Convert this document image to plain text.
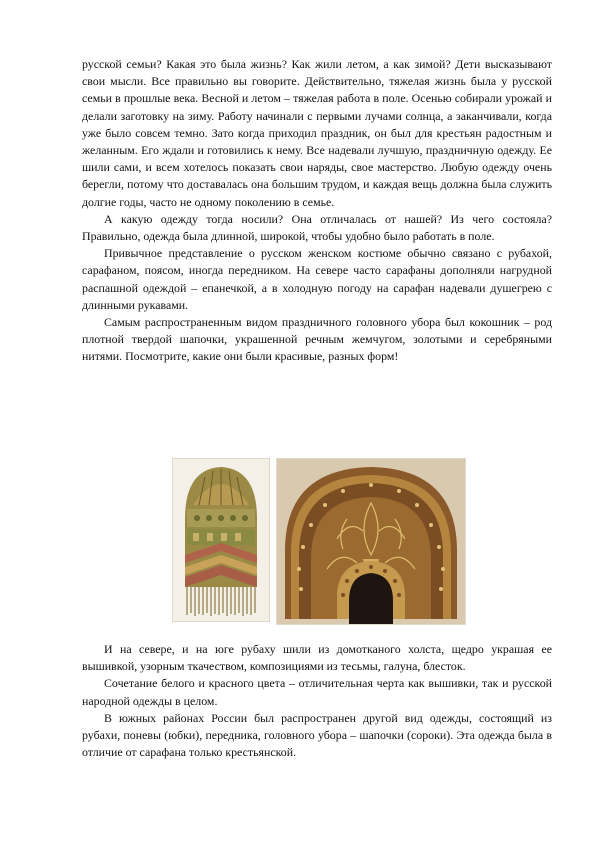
русской семьи? Какая это была жизнь? Как жили летом, а как зимой? Дети высказывают свои мысли. Все правильно вы говорите. Действительно, тяжелая жизнь была у русской семьи в прошлые века. Весной и летом – тяжелая работа в поле. Осенью собирали урожай и делали заготовку на зиму. Работу начинали с первыми лучами солнца, а заканчивали, когда уже было совсем темно. Зато когда приходил праздник, он был для крестьян радостным и желанным. Его ждали и готовились к нему. Все надевали лучшую, праздничную одежду. Ее шили сами, и всем хотелось показать свои наряды, свое мастерство. Любую одежду очень берегли, потому что доставалась она большим трудом, и каждая вещь должна была служить долгие годы, часто не одному поколению в семье.

А какую одежду тогда носили? Она отличалась от нашей? Из чего состояла? Правильно, одежда была длинной, широкой, чтобы удобно было работать в поле.

Привычное представление о русском женском костюме обычно связано с рубахой, сарафаном, поясом, иногда передником. На севере часто сарафаны дополняли нагрудной распашной одеждой – епанечкой, а в холодную погоду на сарафан надевали душегрею с длинными рукавами.

Самым распространенным видом праздничного головного убора был кокошник – род плотной твердой шапочки, украшенной речным жемчугом, золотыми и серебряными нитями. Посмотрите, какие они были красивые, разных форм!

И на севере, и на юге рубаху шили из домотканого холста, щедро украшая ее вышивкой, узорным ткачеством, композициями из тесьмы, галуна, блесток.

Сочетание белого и красного цвета – отличительная черта как вышивки, так и русской народной одежды в целом.

В южных районах России был распространен другой вид одежды, состоящий из рубахи, поневы (юбки), передника, головного убора – шапочки (сороки). Эта одежда была в отличие от сарафана только крестьянской.
